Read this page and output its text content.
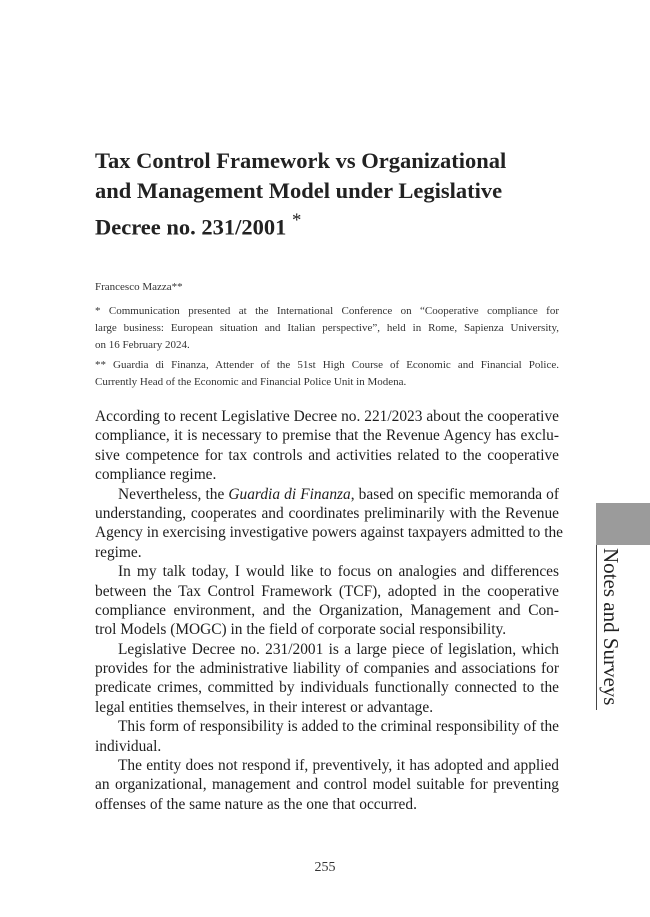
Tax Control Framework vs Organizational
and Management Model under Legislative
Decree no. 231/2001 *
Francesco Mazza**
* Communication presented at the International Conference on “Cooperative compliance for
large business: European situation and Italian perspective”, held in Rome, Sapienza University,
on 16 February 2024.
** Guardia di Finanza, Attender of the 51st High Course of Economic and Financial Police.
Currently Head of the Economic and Financial Police Unit in Modena.
According to recent Legislative Decree no. 221/2023 about the cooperative
compliance, it is necessary to premise that the Revenue Agency has exclu-
sive competence for tax controls and activities related to the cooperative
compliance regime.
Nevertheless, the Guardia di Finanza, based on specific memoranda of
understanding, cooperates and coordinates preliminarily with the Revenue
Agency in exercising investigative powers against taxpayers admitted to the
regime.
In my talk today, I would like to focus on analogies and differences
between the Tax Control Framework (TCF), adopted in the cooperative
compliance environment, and the Organization, Management and Con-
trol Models (MOGC) in the field of corporate social responsibility.
Legislative Decree no. 231/2001 is a large piece of legislation, which
provides for the administrative liability of companies and associations for
predicate crimes, committed by individuals functionally connected to the
legal entities themselves, in their interest or advantage.
This form of responsibility is added to the criminal responsibility of the
individual.
The entity does not respond if, preventively, it has adopted and applied
an organizational, management and control model suitable for preventing
offenses of the same nature as the one that occurred.
255
Notes and Surveys
